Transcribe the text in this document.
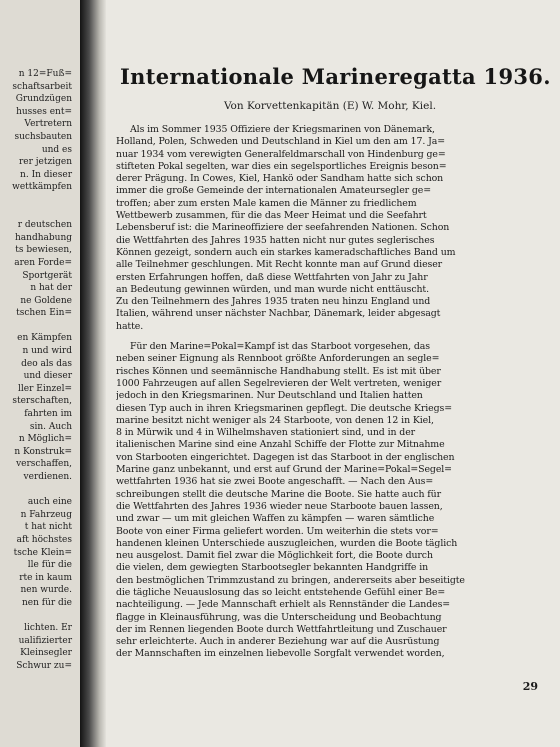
n 12=Fuß=
schaftsarbeit
Grundzügen
husses ent=
Vertretern
suchsbauten
und es
rer jetzigen
n. In dieser
wettkämpfen
r deutschen
handhabung
ts bewiesen,
aren Forde=
Sportgerät
n hat der
ne Goldene
tschen Ein=
en Kämpfen
n und wird
deo als das
und dieser
ller Einzel=
sterschaften,
fahrten im
sin. Auch
n Möglich=
n Konstruk=
verschaffen,
verdienen.
auch eine
n Fahrzeug
t hat nicht
aft höchstes
tsche Klein=
lle für die
rte in kaum
nen wurde.
nen für die
lichten. Er
ualifizierter
Kleinsegler
Schwur zu=
Internationale Marineregatta 1936.
Von Korvettenkapitän (E) W. Mohr, Kiel.
Als im Sommer 1935 Offiziere der Kriegsmarinen von Dänemark,
Holland, Polen, Schweden und Deutschland in Kiel um den am 17. Ja=
nuar 1934 vom verewigten Generalfeldmarschall von Hindenburg ge=
stifteten Pokal segelten, war dies ein segelsportliches Ereignis beson=
derer Prägung. In Cowes, Kiel, Hankö oder Sandham hatte sich schon
immer die große Gemeinde der internationalen Amateursegler ge=
troffen; aber zum ersten Male kamen die Männer zu friedlichem
Wettbewerb zusammen, für die das Meer Heimat und die Seefahrt
Lebensberuf ist: die Marineoffiziere der seefahrenden Nationen. Schon
die Wettfahrten des Jahres 1935 hatten nicht nur gutes seglerisches
Können gezeigt, sondern auch ein starkes kameradschaftliches Band um
alle Teilnehmer geschlungen. Mit Recht konnte man auf Grund dieser
ersten Erfahrungen hoffen, daß diese Wettfahrten von Jahr zu Jahr
an Bedeutung gewinnen würden, und man wurde nicht enttäuscht.
Zu den Teilnehmern des Jahres 1935 traten neu hinzu England und
Italien, während unser nächster Nachbar, Dänemark, leider abgesagt
hatte.
Für den Marine=Pokal=Kampf ist das Starboot vorgesehen, das
neben seiner Eignung als Rennboot größte Anforderungen an segle=
risches Können und seemännische Handhabung stellt. Es ist mit über
1000 Fahrzeugen auf allen Segelrevieren der Welt vertreten, weniger
jedoch in den Kriegsmarinen. Nur Deutschland und Italien hatten
diesen Typ auch in ihren Kriegsmarinen gepflegt. Die deutsche Kriegs=
marine besitzt nicht weniger als 24 Starboote, von denen 12 in Kiel,
8 in Mürwik und 4 in Wilhelmshaven stationiert sind, und in der
italienischen Marine sind eine Anzahl Schiffe der Flotte zur Mitnahme
von Starbooten eingerichtet. Dagegen ist das Starboot in der englischen
Marine ganz unbekannt, und erst auf Grund der Marine=Pokal=Segel=
wettfahrten 1936 hat sie zwei Boote angeschafft. — Nach den Aus=
schreibungen stellt die deutsche Marine die Boote. Sie hatte auch für
die Wettfahrten des Jahres 1936 wieder neue Starboote bauen lassen,
und zwar — um mit gleichen Waffen zu kämpfen — waren sämtliche
Boote von einer Firma geliefert worden. Um weiterhin die stets vor=
handenen kleinen Unterschiede auszugleichen, wurden die Boote täglich
neu ausgelost. Damit fiel zwar die Möglichkeit fort, die Boote durch
die vielen, dem gewiegten Starbootsegler bekannten Handgriffe in
den bestmöglichen Trimmzustand zu bringen, andererseits aber beseitigte
die tägliche Neuauslosung das so leicht entstehende Gefühl einer Be=
nachteiligung. — Jede Mannschaft erhielt als Rennständer die Landes=
flagge in Kleinausführung, was die Unterscheidung und Beobachtung
der im Rennen liegenden Boote durch Wettfahrtleitung und Zuschauer
sehr erleichterte. Auch in anderer Beziehung war auf die Ausrüstung
der Mannschaften im einzelnen liebevolle Sorgfalt verwendet worden,
29
